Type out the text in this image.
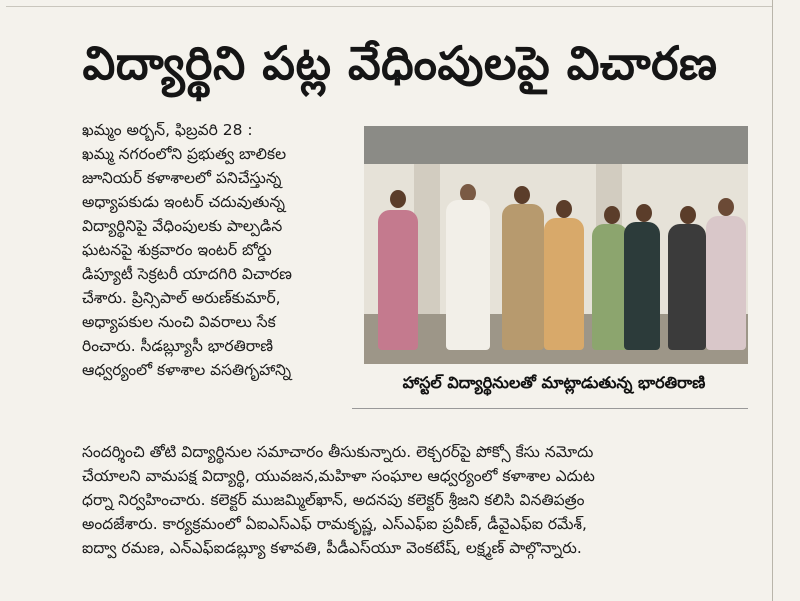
విద్యార్థిని పట్ల వేధింపులపై విచారణ
ఖమ్మం అర్బన్, ఫిబ్రవరి 28 :
ఖమ్మ నగరంలోని ప్రభుత్వ బాలికల
జూనియర్ కళాశాలలో పనిచేస్తున్న
అధ్యాపకుడు ఇంటర్ చదువుతున్న
విద్యార్థినిపై వేధింపులకు పాల్పడిన
ఘటనపై శుక్రవారం ఇంటర్ బోర్డు
డిప్యూటీ సెక్రటరీ యాదగిరి విచారణ
చేశారు. ప్రిన్సిపాల్ అరుణ్‌కుమార్,
అధ్యాపకుల నుంచి వివరాలు సేక
రించారు. సీడబ్ల్యూసీ భారతిరాణి
ఆధ్వర్యంలో కళాశాల వసతిగృహాన్ని
హాస్టల్ విద్యార్థినులతో మాట్లాడుతున్న భారతిరాణి
సందర్శించి తోటి విద్యార్థినుల సమాచారం తీసుకున్నారు. లెక్చరర్‌పై పోక్సో కేసు నమోదు
చేయాలని వామపక్ష విద్యార్థి, యువజన,మహిళా సంఘాల ఆధ్వర్యంలో కళాశాల ఎదుట
ధర్నా నిర్వహించారు. కలెక్టర్ ముజమ్మిల్‌ఖాన్, అదనపు కలెక్టర్ శ్రీజని కలిసి వినతిపత్రం
అందజేశారు. కార్యక్రమంలో ఏఐఎస్ఎఫ్ రామకృష్ణ, ఎస్ఎఫ్ఐ ప్రవీణ్, డీవైఎఫ్ఐ రమేశ్,
ఐద్వా రమణ, ఎన్ఎఫ్ఐడబ్ల్యూ కళావతి, పీడీఎస్‌యూ వెంకటేష్, లక్ష్మణ్ పాల్గొన్నారు.
